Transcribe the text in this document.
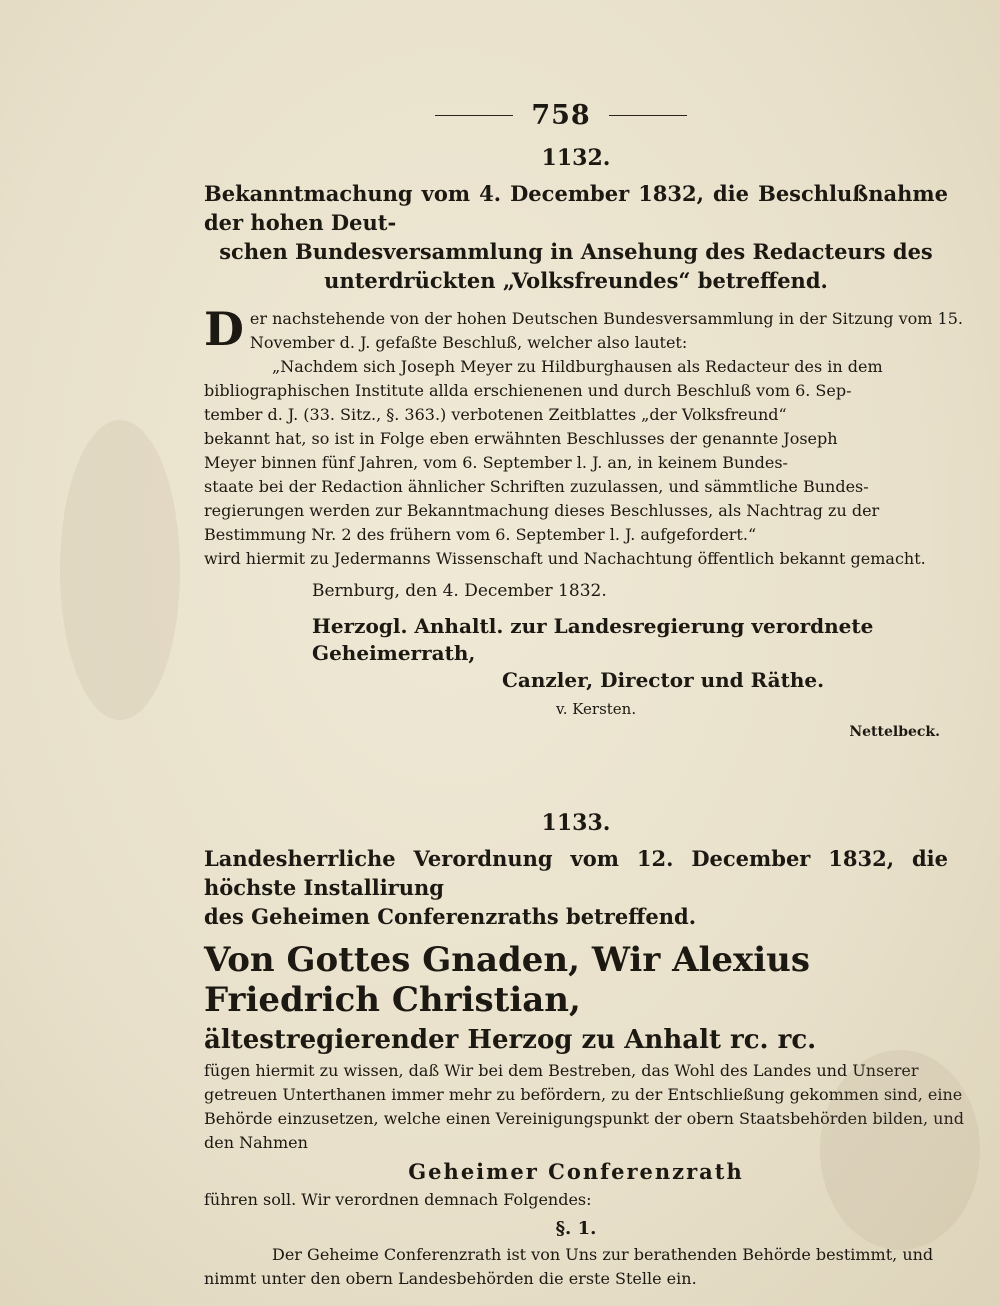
758
1132.
Bekanntmachung vom 4. December 1832, die Beschlußnahme der hohen Deut-
schen Bundesversammlung in Ansehung des Redacteurs des
unterdrückten „Volksfreundes“ betreffend.
D er nachstehende von der hohen Deutschen Bundesversammlung in der Sitzung vom 15.
November d. J. gefaßte Beschluß, welcher also lautet:
„Nachdem sich Joseph Meyer zu Hildburghausen als Redacteur des in dem
bibliographischen Institute allda erschienenen und durch Beschluß vom 6. Sep-
tember d. J. (33. Sitz., §. 363.) verbotenen Zeitblattes „der Volksfreund“
bekannt hat, so ist in Folge eben erwähnten Beschlusses der genannte Joseph
Meyer binnen fünf Jahren, vom 6. September l. J. an, in keinem Bundes-
staate bei der Redaction ähnlicher Schriften zuzulassen, und sämmtliche Bundes-
regierungen werden zur Bekanntmachung dieses Beschlusses, als Nachtrag zu der
Bestimmung Nr. 2 des frühern vom 6. September l. J. aufgefordert.“
wird hiermit zu Jedermanns Wissenschaft und Nachachtung öffentlich bekannt gemacht.
Bernburg, den 4. December 1832.
Herzogl. Anhaltl. zur Landesregierung verordnete Geheimerrath,
Canzler, Director und Räthe.
v. Kersten.
Nettelbeck.
1133.
Landesherrliche Verordnung vom 12. December 1832, die höchste Installirung
des Geheimen Conferenzraths betreffend.
Von Gottes Gnaden, Wir Alexius Friedrich Christian,
ältestregierender Herzog zu Anhalt rc. rc.
fügen hiermit zu wissen, daß Wir bei dem Bestreben, das Wohl des Landes und Unserer
getreuen Unterthanen immer mehr zu befördern, zu der Entschließung gekommen sind, eine
Behörde einzusetzen, welche einen Vereinigungspunkt der obern Staatsbehörden bilden, und
den Nahmen
Geheimer Conferenzrath
führen soll. Wir verordnen demnach Folgendes:
§. 1.
Der Geheime Conferenzrath ist von Uns zur berathenden Behörde bestimmt, und
nimmt unter den obern Landesbehörden die erste Stelle ein.
